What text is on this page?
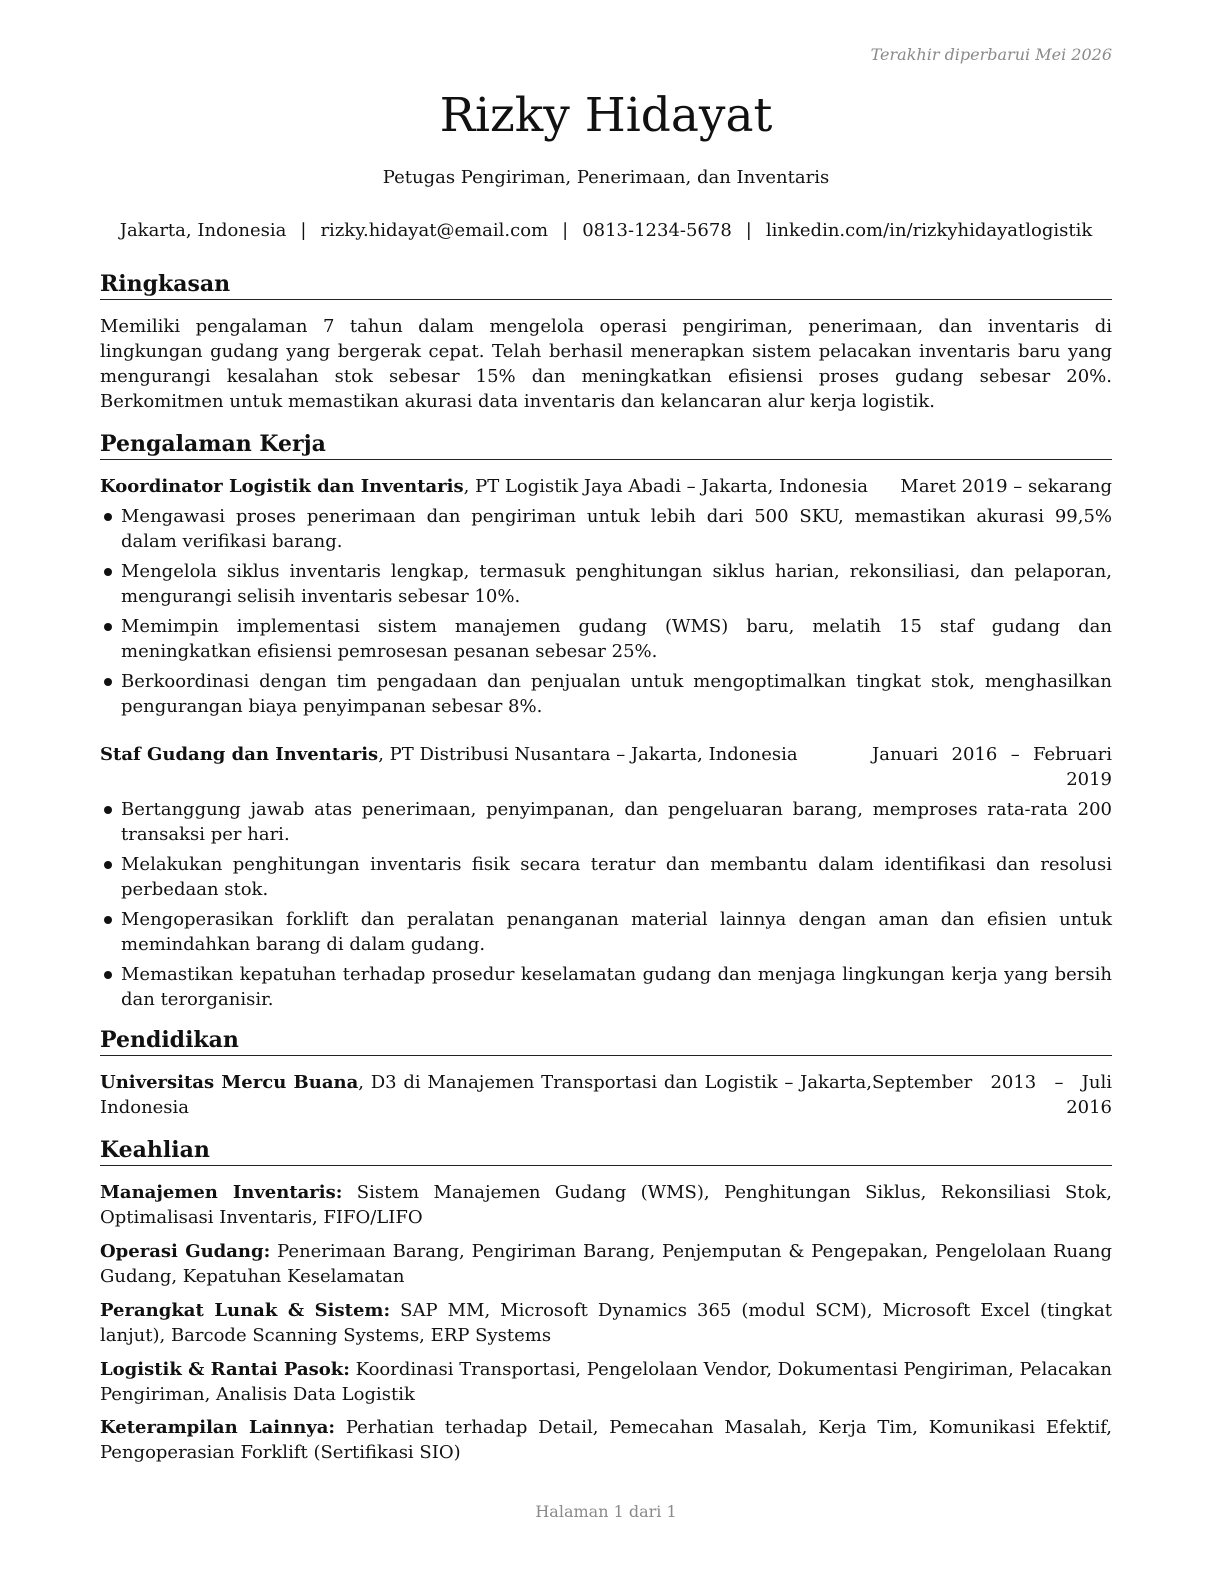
Terakhir diperbarui Mei 2026
Rizky Hidayat
Petugas Pengiriman, Penerimaan, dan Inventaris
Jakarta, Indonesia | rizky.hidayat@email.com | 0813-1234-5678 | linkedin.com/in/rizkyhidayatlogistik
Ringkasan
Memiliki pengalaman 7 tahun dalam mengelola operasi pengiriman, penerimaan, dan inventaris di lingkungan gudang yang bergerak cepat. Telah berhasil menerapkan sistem pelacakan inventaris baru yang mengurangi kesalahan stok sebesar 15% dan meningkatkan efisiensi proses gudang sebesar 20%. Berkomitmen untuk memastikan akurasi data inventaris dan kelancaran alur kerja logistik.
Pengalaman Kerja
Koordinator Logistik dan Inventaris, PT Logistik Jaya Abadi – Jakarta, Indonesia Maret 2019 – sekarang
Mengawasi proses penerimaan dan pengiriman untuk lebih dari 500 SKU, memastikan akurasi 99,5% dalam verifikasi barang.
Mengelola siklus inventaris lengkap, termasuk penghitungan siklus harian, rekonsiliasi, dan pelaporan, mengurangi selisih inventaris sebesar 10%.
Memimpin implementasi sistem manajemen gudang (WMS) baru, melatih 15 staf gudang dan meningkatkan efisiensi pemrosesan pesanan sebesar 25%.
Berkoordinasi dengan tim pengadaan dan penjualan untuk mengoptimalkan tingkat stok, menghasilkan pengurangan biaya penyimpanan sebesar 8%.
Staf Gudang dan Inventaris, PT Distribusi Nusantara – Jakarta, Indonesia	Januari 2016 – Februari 2019
Bertanggung jawab atas penerimaan, penyimpanan, dan pengeluaran barang, memproses rata-rata 200 transaksi per hari.
Melakukan penghitungan inventaris fisik secara teratur dan membantu dalam identifikasi dan resolusi perbedaan stok.
Mengoperasikan forklift dan peralatan penanganan material lainnya dengan aman dan efisien untuk memindahkan barang di dalam gudang.
Memastikan kepatuhan terhadap prosedur keselamatan gudang dan menjaga lingkungan kerja yang bersih dan terorganisir.
Pendidikan
Universitas Mercu Buana, D3 di Manajemen Transportasi dan Logistik – Jakarta, Indonesia
September 2013 – Juli 2016
Keahlian
Manajemen Inventaris: Sistem Manajemen Gudang (WMS), Penghitungan Siklus, Rekonsiliasi Stok, Optimalisasi Inventaris, FIFO/LIFO
Operasi Gudang: Penerimaan Barang, Pengiriman Barang, Penjemputan & Pengepakan, Pengelolaan Ruang Gudang, Kepatuhan Keselamatan
Perangkat Lunak & Sistem: SAP MM, Microsoft Dynamics 365 (modul SCM), Microsoft Excel (tingkat lanjut), Barcode Scanning Systems, ERP Systems
Logistik & Rantai Pasok: Koordinasi Transportasi, Pengelolaan Vendor, Dokumentasi Pengiriman, Pelacakan Pengiriman, Analisis Data Logistik
Keterampilan Lainnya: Perhatian terhadap Detail, Pemecahan Masalah, Kerja Tim, Komunikasi Efektif, Pengoperasian Forklift (Sertifikasi SIO)
Halaman 1 dari 1
